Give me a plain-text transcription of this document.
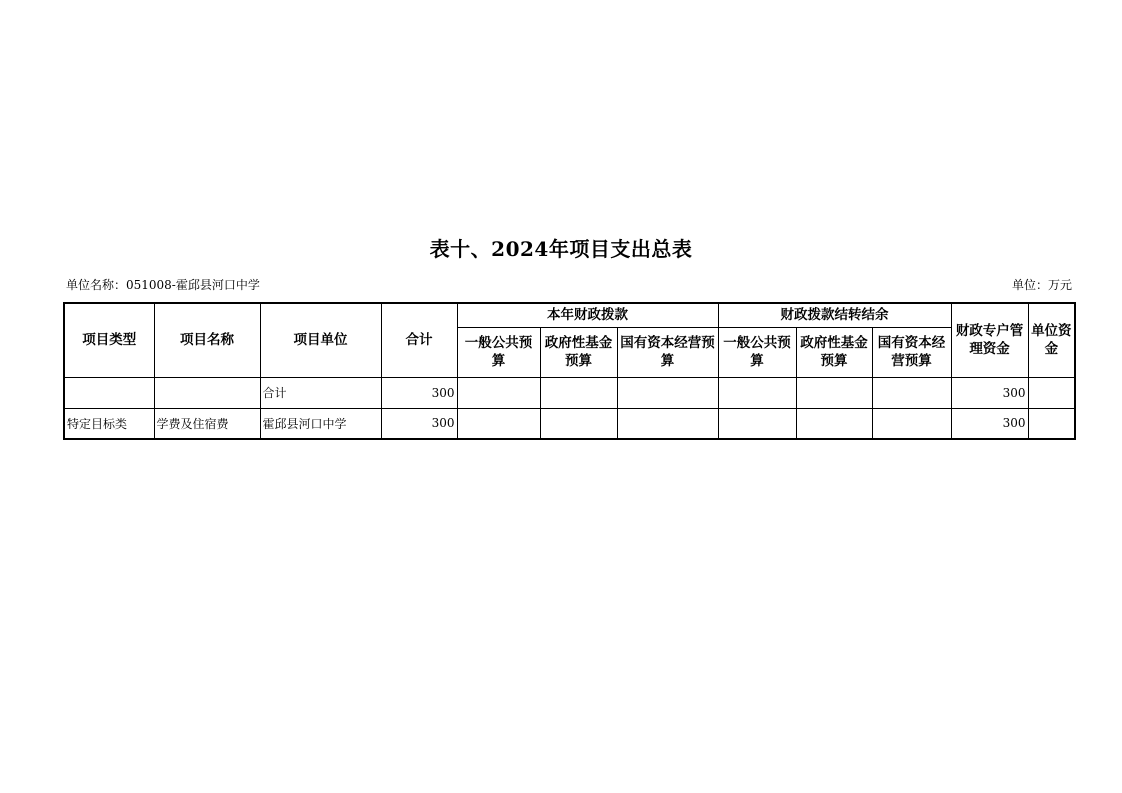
表十、2024年项目支出总表
单位名称：051008-霍邱县河口中学	单位：万元
项目类型	项目名称	项目单位	合计	本年财政拨款			财政拨款结转结余			财政专户管理资金	单位资金
				一般公共预算	政府性基金预算	国有资本经营预算	一般公共预算	政府性基金预算	国有资本经营预算		
		合计	300							300	
特定目标类	学费及住宿费	霍邱县河口中学	300							300	
